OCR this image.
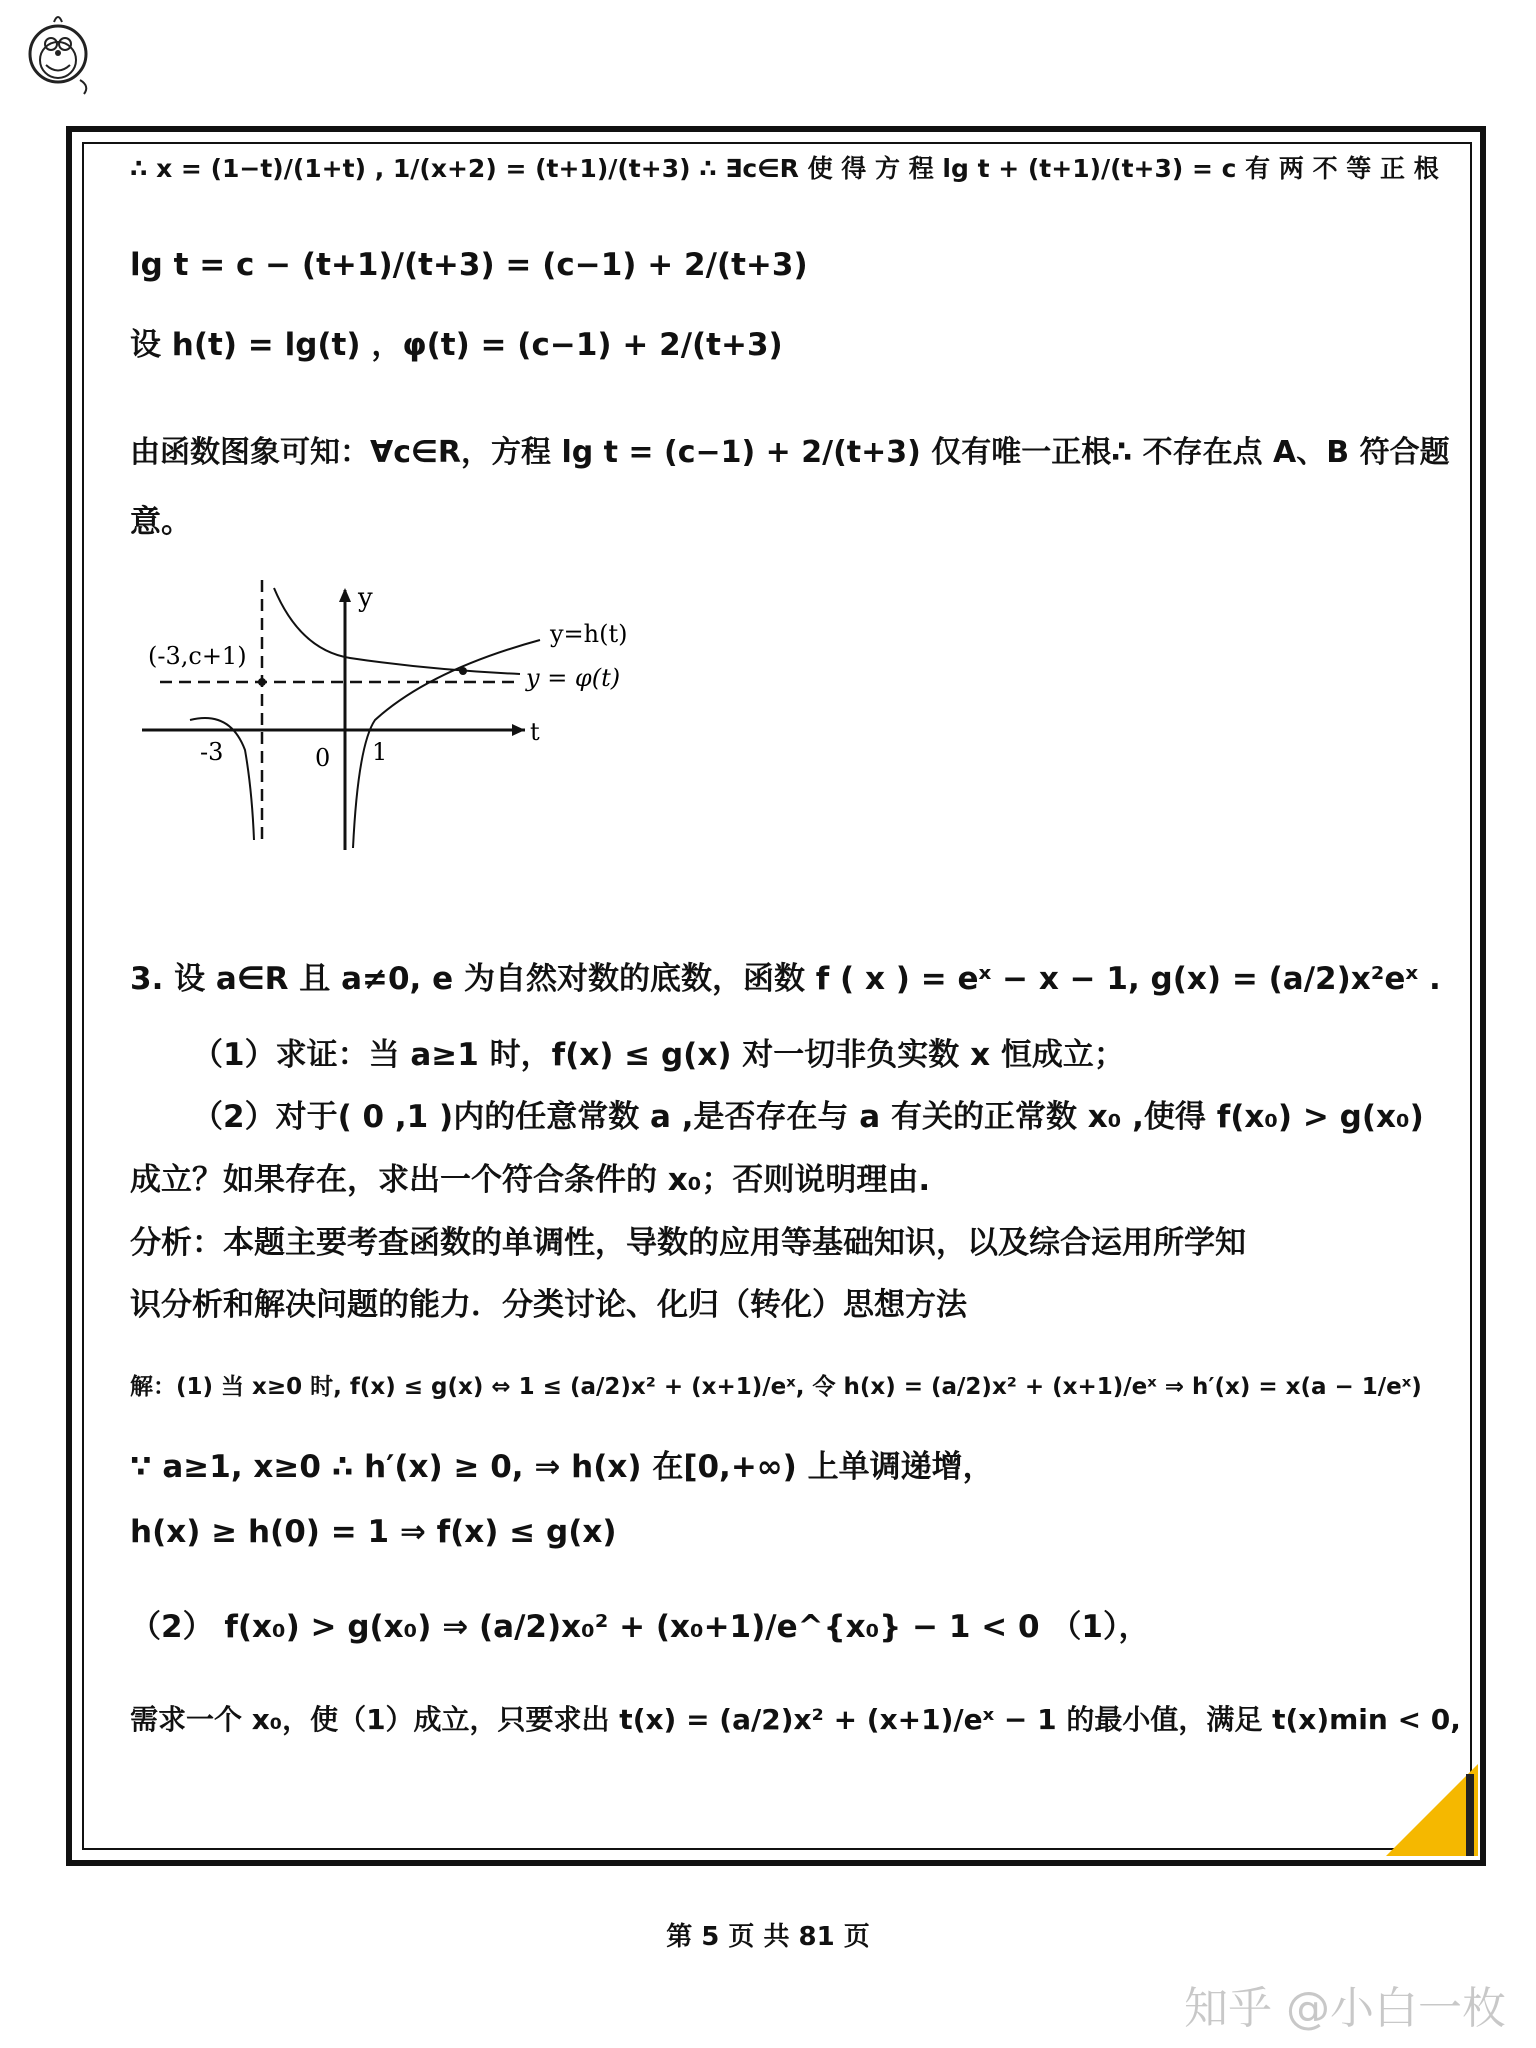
∴ x = (1−t)/(1+t) , 1/(x+2) = (t+1)/(t+3) ∴ ∃c∈R 使 得 方 程 lg t + (t+1)/(t+3) = c 有 两 不 等 正 根
lg t = c − (t+1)/(t+3) = (c−1) + 2/(t+3)
设 h(t) = lg(t) ，φ(t) = (c−1) + 2/(t+3)
由函数图象可知：∀c∈R，方程 lg t = (c−1) + 2/(t+3) 仅有唯一正根∴ 不存在点 A、B 符合题
意。
3. 设 a∈R 且 a≠0, e 为自然对数的底数，函数 f ( x ) = eˣ − x − 1, g(x) = (a/2)x²eˣ .
（1）求证：当 a≥1 时，f(x) ≤ g(x) 对一切非负实数 x 恒成立；
（2）对于( 0 ,1 )内的任意常数 a ,是否存在与 a 有关的正常数 x₀ ,使得 f(x₀) > g(x₀)
成立？如果存在，求出一个符合条件的 x₀；否则说明理由.
分析：本题主要考查函数的单调性，导数的应用等基础知识，以及综合运用所学知
识分析和解决问题的能力．分类讨论、化归（转化）思想方法
解：(1) 当 x≥0 时, f(x) ≤ g(x) ⇔ 1 ≤ (a/2)x² + (x+1)/eˣ, 令 h(x) = (a/2)x² + (x+1)/eˣ ⇒ h′(x) = x(a − 1/eˣ)
∵ a≥1, x≥0 ∴ h′(x) ≥ 0, ⇒ h(x) 在[0,+∞) 上单调递增，
h(x) ≥ h(0) = 1 ⇒ f(x) ≤ g(x)
（2） f(x₀) > g(x₀) ⇒ (a/2)x₀² + (x₀+1)/e^{x₀} − 1 < 0 （1），
需求一个 x₀，使（1）成立，只要求出 t(x) = (a/2)x² + (x+1)/eˣ − 1 的最小值，满足 t(x)min < 0,
y
t
(-3,c+1)
y=h(t)
y = φ(t)
-3	0 1
第 5 页 共 81 页
知乎 @小白一枚
